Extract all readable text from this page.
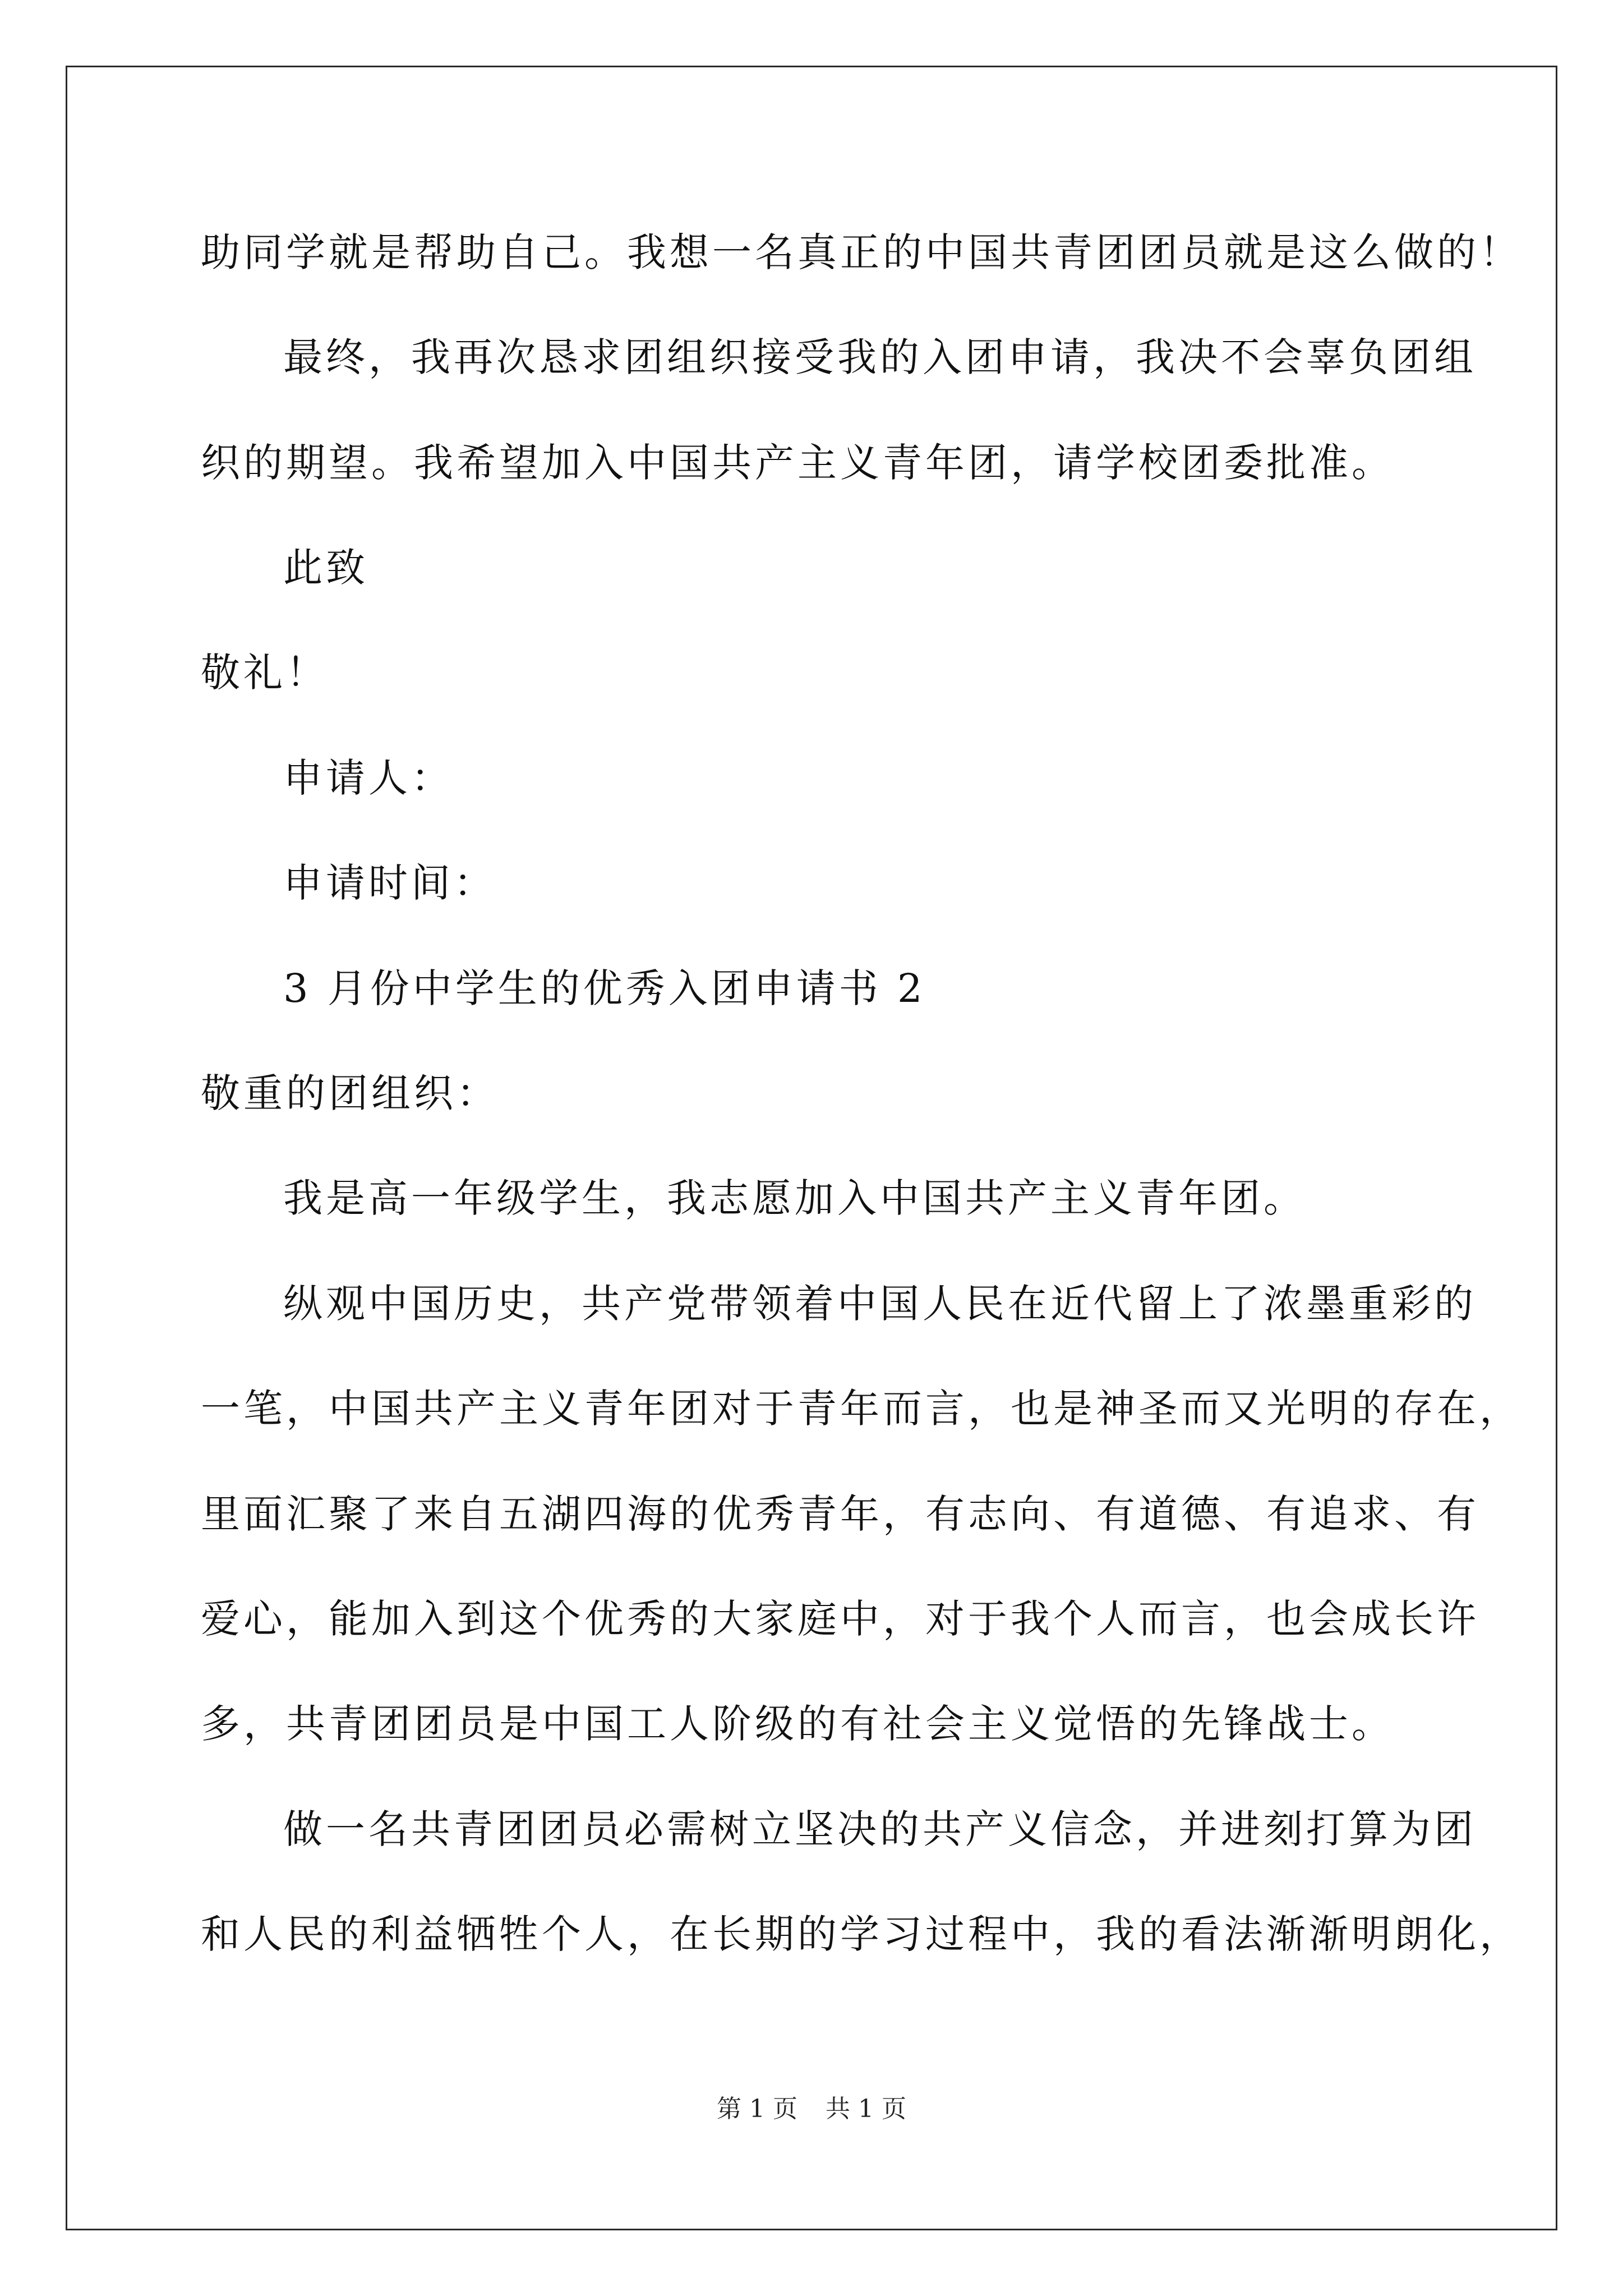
助同学就是帮助自己。我想一名真正的中国共青团团员就是这么做的！
最终，我再次恳求团组织接受我的入团申请，我决不会辜负团组
织的期望。我希望加入中国共产主义青年团，请学校团委批准。
此致
敬礼！
申请人：
申请时间：
3 月份中学生的优秀入团申请书 2
敬重的团组织：
我是高一年级学生，我志愿加入中国共产主义青年团。
纵观中国历史，共产党带领着中国人民在近代留上了浓墨重彩的
一笔，中国共产主义青年团对于青年而言，也是神圣而又光明的存在，
里面汇聚了来自五湖四海的优秀青年，有志向、有道德、有追求、有
爱心，能加入到这个优秀的大家庭中，对于我个人而言，也会成长许
多，共青团团员是中国工人阶级的有社会主义觉悟的先锋战士。
做一名共青团团员必需树立坚决的共产义信念，并进刻打算为团
和人民的利益牺牲个人，在长期的学习过程中，我的看法渐渐明朗化，
第 1 页 共 1 页
